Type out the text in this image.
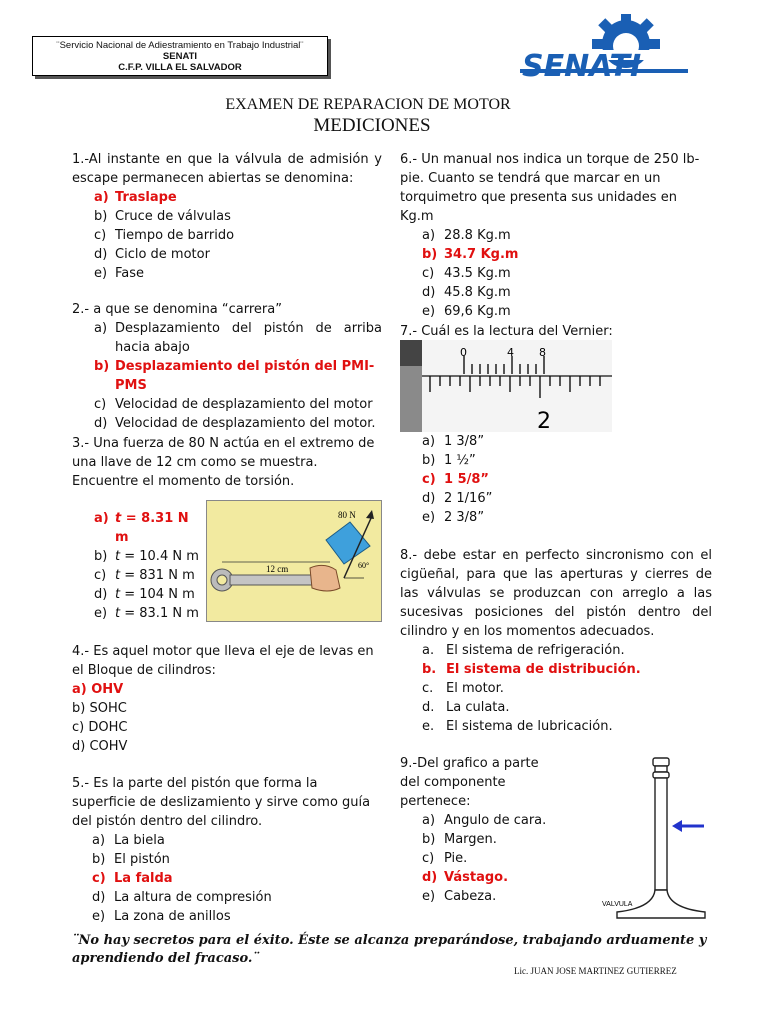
¨Servicio Nacional de Adiestramiento en Trabajo Industrial¨
SENATI
C.F.P. VILLA EL SALVADOR	SENATI
EXAMEN DE REPARACION DE MOTOR
MEDICIONES

1.-Al instante en que la válvula de admisión y escape permanecen abiertas se denomina:

a) Traslape
b) Cruce de válvulas
c) Tiempo de barrido
d) Ciclo de motor
e) Fase

2.- a que se denomina “carrera”

a) Desplazamiento del pistón de arriba hacia abajo
b) Desplazamiento del pistón del PMI- PMS
c) Velocidad de desplazamiento del motor
d) Velocidad de desplazamiento del motor.

3.- Una fuerza de 80 N actúa en el extremo de una llave de 12 cm como se muestra. Encuentre el momento de torsión.

a) t = 8.31 N m
b) t = 10.4 N m
c) t = 831 N m
d) t = 104 N m
e) t = 83.1 N m
12 cm
80 N
60°

4.- Es aquel motor que lleva el eje de levas en el Bloque de cilindros:

a) OHV
b) SOHC
c) DOHC
d) COHV

5.- Es la parte del pistón que forma la superficie de deslizamiento y sirve como guía del pistón dentro del cilindro.

a) La biela
b) El pistón
c) La falda
d) La altura de compresión
e) La zona de anillos

6.- Un manual nos indica un torque de 250 lb-pie. Cuanto se tendrá que marcar en un torquimetro que presenta sus unidades en Kg.m

a) 28.8 Kg.m
b) 34.7 Kg.m
c) 43.5 Kg.m
d) 45.8 Kg.m
e) 69,6 Kg.m

7.- Cuál es la lectura del Vernier:

0	4 8
2
a) 1 3/8”
b) 1 ½”
c) 1 5/8”
d) 2 1/16”
e) 2 3/8”

8.- debe estar en perfecto sincronismo con el cigüeñal, para que las aperturas y cierres de las válvulas se produzcan con arreglo a las sucesivas posiciones del pistón dentro del cilindro y en los momentos adecuados.

a. El sistema de refrigeración.
b. El sistema de distribución.
c. El motor.
d. La culata.
e. El sistema de lubricación.

9.-Del grafico a parte del componente pertenece:

a) Angulo de cara.
b) Margen.
c) Pie.
d) Vástago.
e) Cabeza.
VALVULA
¨No hay secretos para el éxito. Éste se alcanza preparándose, trabajando arduamente y aprendiendo del fracaso.¨
Lic. JUAN JOSE MARTINEZ GUTIERREZ
